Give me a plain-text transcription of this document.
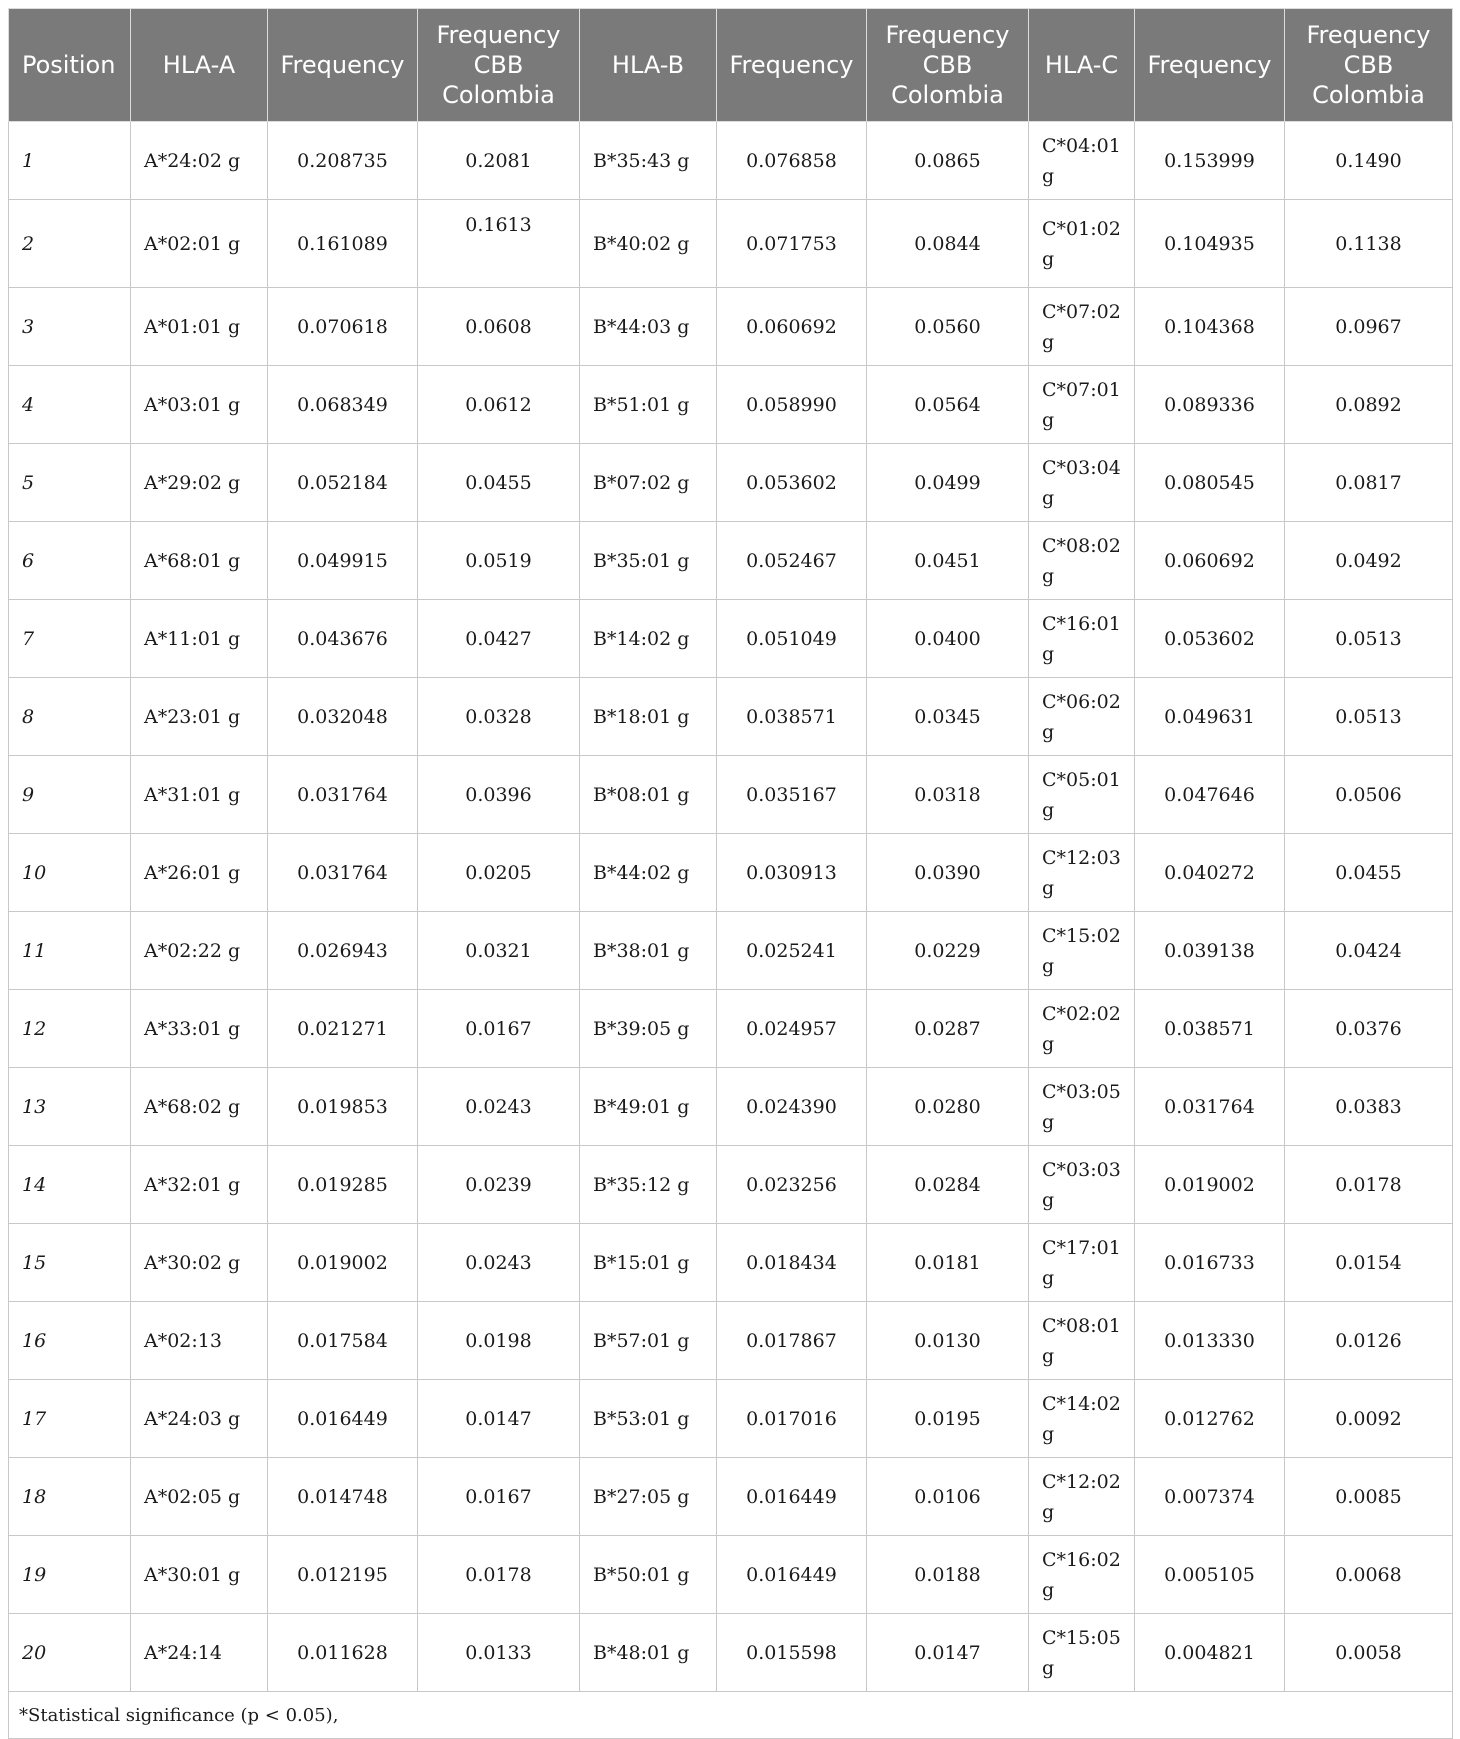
Position	HLA-A	Frequency	Frequency CBB Colombia	HLA-B	Frequency	Frequency CBB Colombia	HLA-C	Frequency	Frequency CBB Colombia
1	A*24:02 g	0.208735	0.2081	B*35:43 g	0.076858	0.0865	C*04:01 g	0.153999	0.1490
2	A*02:01 g	0.161089	0.1613	B*40:02 g	0.071753	0.0844	C*01:02 g	0.104935	0.1138
3	A*01:01 g	0.070618	0.0608	B*44:03 g	0.060692	0.0560	C*07:02 g	0.104368	0.0967
4	A*03:01 g	0.068349	0.0612	B*51:01 g	0.058990	0.0564	C*07:01 g	0.089336	0.0892
5	A*29:02 g	0.052184	0.0455	B*07:02 g	0.053602	0.0499	C*03:04 g	0.080545	0.0817
6	A*68:01 g	0.049915	0.0519	B*35:01 g	0.052467	0.0451	C*08:02 g	0.060692	0.0492
7	A*11:01 g	0.043676	0.0427	B*14:02 g	0.051049	0.0400	C*16:01 g	0.053602	0.0513
8	A*23:01 g	0.032048	0.0328	B*18:01 g	0.038571	0.0345	C*06:02 g	0.049631	0.0513
9	A*31:01 g	0.031764	0.0396	B*08:01 g	0.035167	0.0318	C*05:01 g	0.047646	0.0506
10	A*26:01 g	0.031764	0.0205	B*44:02 g	0.030913	0.0390	C*12:03 g	0.040272	0.0455
11	A*02:22 g	0.026943	0.0321	B*38:01 g	0.025241	0.0229	C*15:02 g	0.039138	0.0424
12	A*33:01 g	0.021271	0.0167	B*39:05 g	0.024957	0.0287	C*02:02 g	0.038571	0.0376
13	A*68:02 g	0.019853	0.0243	B*49:01 g	0.024390	0.0280	C*03:05 g	0.031764	0.0383
14	A*32:01 g	0.019285	0.0239	B*35:12 g	0.023256	0.0284	C*03:03 g	0.019002	0.0178
15	A*30:02 g	0.019002	0.0243	B*15:01 g	0.018434	0.0181	C*17:01 g	0.016733	0.0154
16	A*02:13	0.017584	0.0198	B*57:01 g	0.017867	0.0130	C*08:01 g	0.013330	0.0126
17	A*24:03 g	0.016449	0.0147	B*53:01 g	0.017016	0.0195	C*14:02 g	0.012762	0.0092
18	A*02:05 g	0.014748	0.0167	B*27:05 g	0.016449	0.0106	C*12:02 g	0.007374	0.0085
19	A*30:01 g	0.012195	0.0178	B*50:01 g	0.016449	0.0188	C*16:02 g	0.005105	0.0068
20	A*24:14	0.011628	0.0133	B*48:01 g	0.015598	0.0147	C*15:05 g	0.004821	0.0058
*Statistical significance (p < 0.05),									
